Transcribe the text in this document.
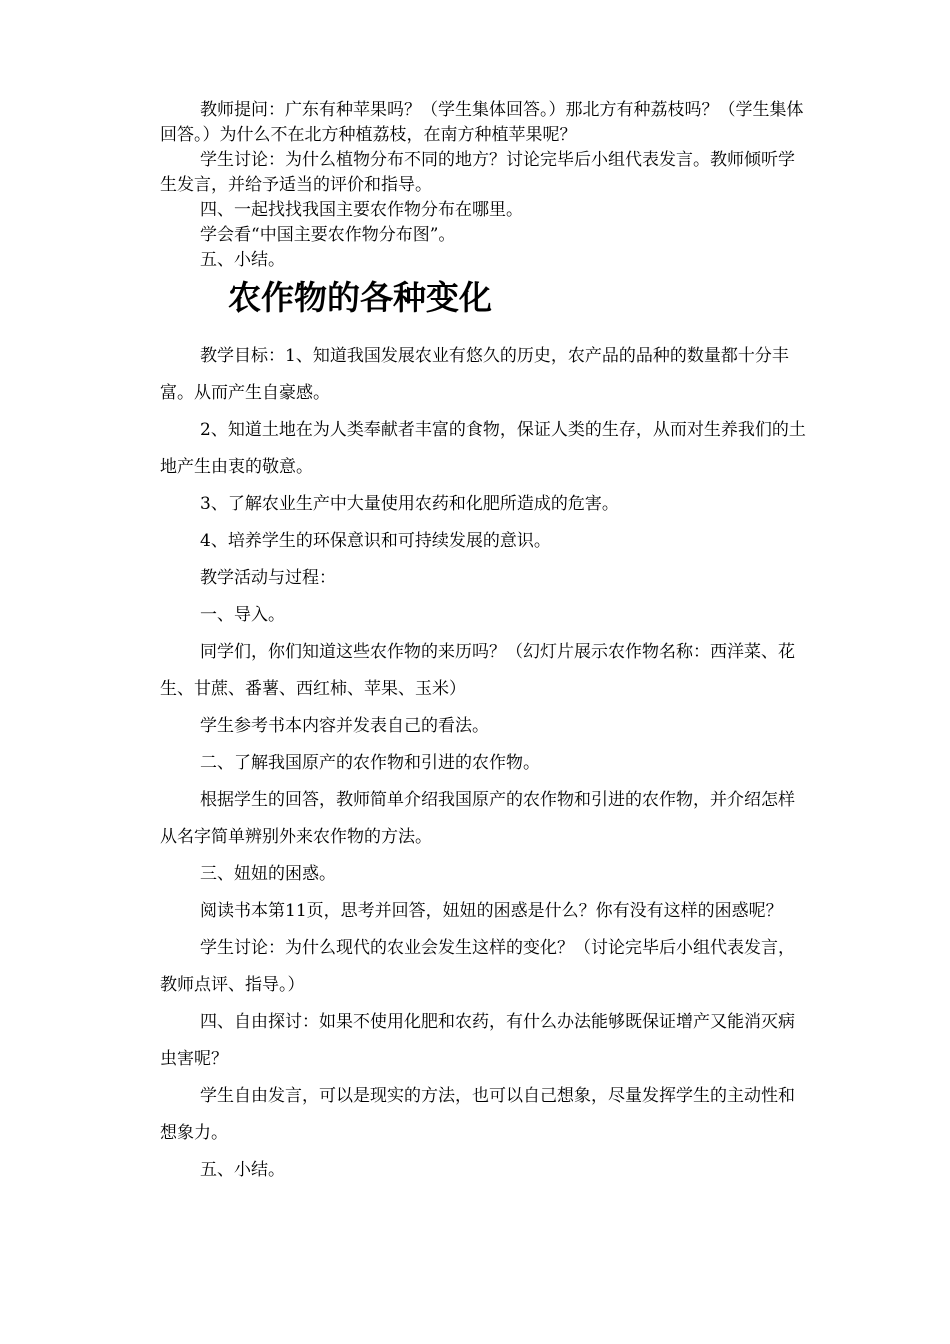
教师提问：广东有种苹果吗？（学生集体回答。）那北方有种荔枝吗？（学生集体回答。）为什么不在北方种植荔枝，在南方种植苹果呢？

学生讨论：为什么植物分布不同的地方？讨论完毕后小组代表发言。教师倾听学生发言，并给予适当的评价和指导。

四、一起找找我国主要农作物分布在哪里。

学会看“中国主要农作物分布图”。

五、小结。

农作物的各种变化

教学目标：1、知道我国发展农业有悠久的历史，农产品的品种的数量都十分丰富。从而产生自豪感。

2、知道土地在为人类奉献者丰富的食物，保证人类的生存，从而对生养我们的土地产生由衷的敬意。

3、了解农业生产中大量使用农药和化肥所造成的危害。

4、培养学生的环保意识和可持续发展的意识。

教学活动与过程：

一、导入。

同学们，你们知道这些农作物的来历吗？（幻灯片展示农作物名称：西洋菜、花生、甘蔗、番薯、西红柿、苹果、玉米）

学生参考书本内容并发表自己的看法。

二、了解我国原产的农作物和引进的农作物。

根据学生的回答，教师简单介绍我国原产的农作物和引进的农作物，并介绍怎样从名字简单辨别外来农作物的方法。

三、妞妞的困惑。

阅读书本第11页，思考并回答，妞妞的困惑是什么？你有没有这样的困惑呢？

学生讨论：为什么现代的农业会发生这样的变化？（讨论完毕后小组代表发言，教师点评、指导。）

四、自由探讨：如果不使用化肥和农药，有什么办法能够既保证增产又能消灭病虫害呢？

学生自由发言，可以是现实的方法，也可以自己想象，尽量发挥学生的主动性和想象力。

五、小结。
